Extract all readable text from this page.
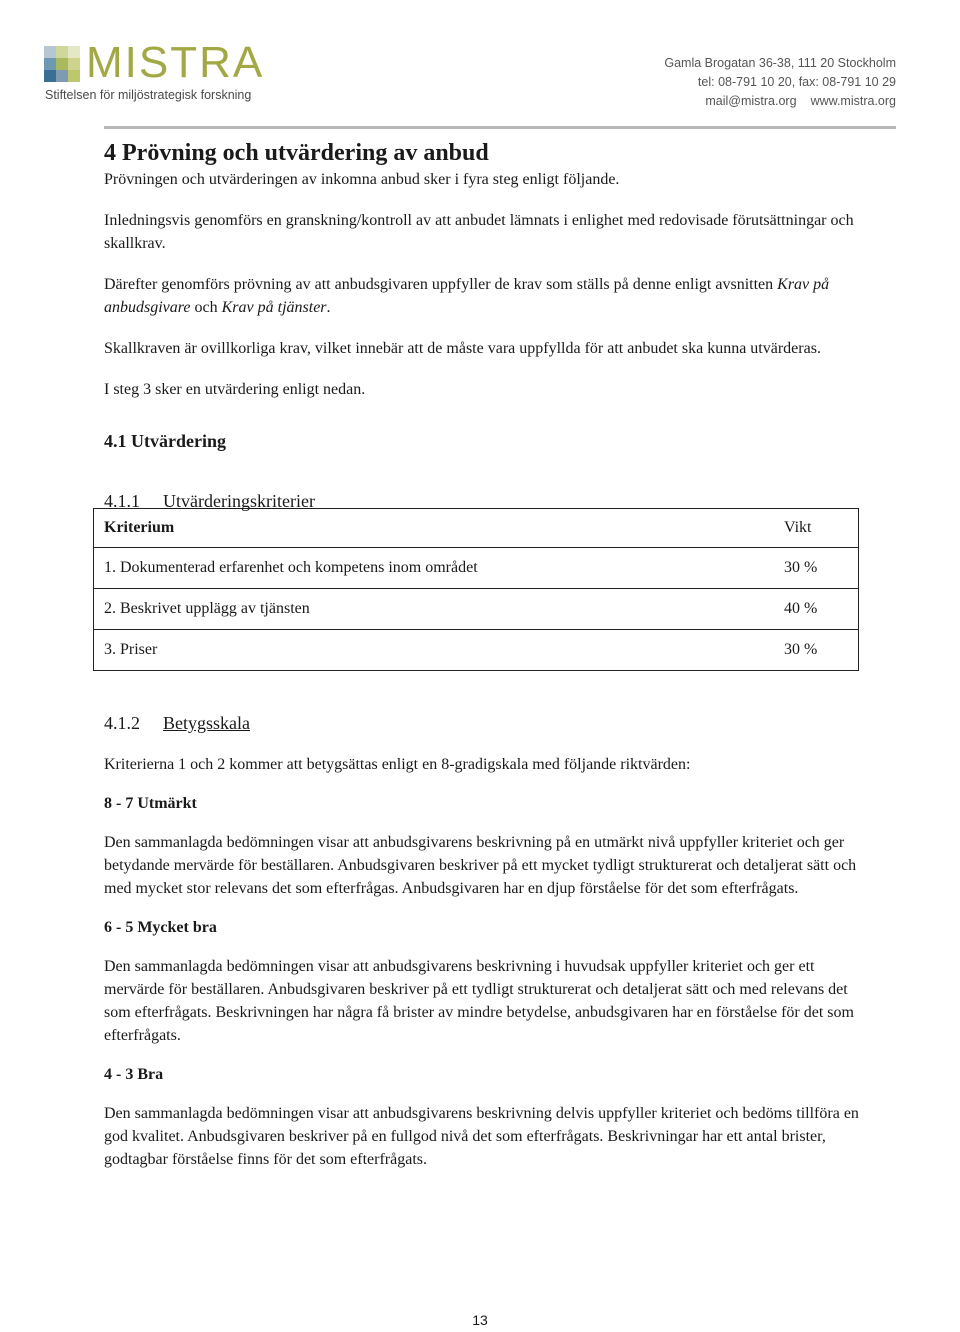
MISTRA
Stiftelsen för miljöstrategisk forskning
Gamla Brogatan 36-38, 111 20 Stockholm
tel: 08-791 10 20, fax: 08-791 10 29
mail@mistra.org www.mistra.org
4 Prövning och utvärdering av anbud

Prövningen och utvärderingen av inkomna anbud sker i fyra steg enligt följande.

Inledningsvis genomförs en granskning/kontroll av att anbudet lämnats i enlighet med redovisade förutsättningar och skallkrav.

Därefter genomförs prövning av att anbudsgivaren uppfyller de krav som ställs på denne enligt avsnitten Krav på anbudsgivare och Krav på tjänster.

Skallkraven är ovillkorliga krav, vilket innebär att de måste vara uppfyllda för att anbudet ska kunna utvärderas.

I steg 3 sker en utvärdering enligt nedan.

4.1 Utvärdering
4.1.1 Utvärderingskriterier
Kriterium	Vikt
1. Dokumenterad erfarenhet och kompetens inom området	30 %
2. Beskrivet upplägg av tjänsten	40 %
3. Priser	30 %
4.1.2 Betygsskala

Kriterierna 1 och 2 kommer att betygsättas enligt en 8-gradigskala med följande riktvärden:

8 - 7 Utmärkt

Den sammanlagda bedömningen visar att anbudsgivarens beskrivning på en utmärkt nivå uppfyller kriteriet och ger betydande mervärde för beställaren. Anbudsgivaren beskriver på ett mycket tydligt strukturerat och detaljerat sätt och med mycket stor relevans det som efterfrågas. Anbudsgivaren har en djup förståelse för det som efterfrågats.

6 - 5 Mycket bra

Den sammanlagda bedömningen visar att anbudsgivarens beskrivning i huvudsak uppfyller kriteriet och ger ett mervärde för beställaren. Anbudsgivaren beskriver på ett tydligt strukturerat och detaljerat sätt och med relevans det som efterfrågats. Beskrivningen har några få brister av mindre betydelse, anbudsgivaren har en förståelse för det som efterfrågats.

4 - 3 Bra

Den sammanlagda bedömningen visar att anbudsgivarens beskrivning delvis uppfyller kriteriet och bedöms tillföra en god kvalitet. Anbudsgivaren beskriver på en fullgod nivå det som efterfrågats. Beskrivningar har ett antal brister, godtagbar förståelse finns för det som efterfrågats.

13
